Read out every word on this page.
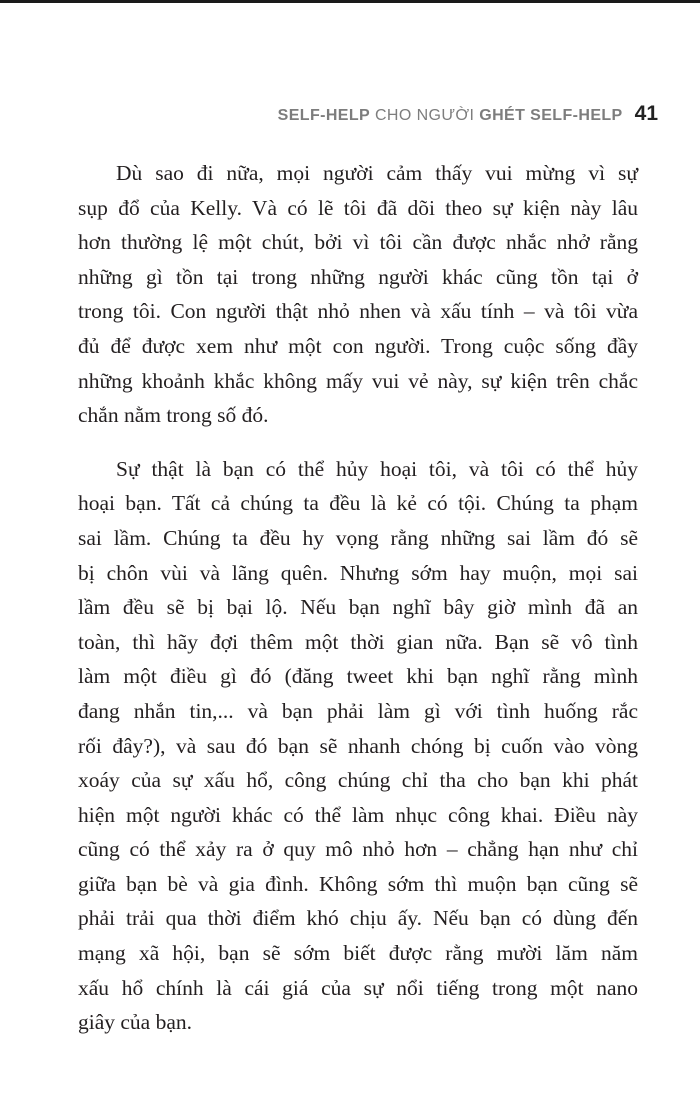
SELF-HELP CHO NGƯỜI GHÉT SELF-HELP 41
Dù sao đi nữa, mọi người cảm thấy vui mừng vì sự
sụp đổ của Kelly. Và có lẽ tôi đã dõi theo sự kiện này lâu
hơn thường lệ một chút, bởi vì tôi cần được nhắc nhở rằng
những gì tồn tại trong những người khác cũng tồn tại ở
trong tôi. Con người thật nhỏ nhen và xấu tính – và tôi vừa
đủ để được xem như một con người. Trong cuộc sống đầy
những khoảnh khắc không mấy vui vẻ này, sự kiện trên chắc
chắn nằm trong số đó.
Sự thật là bạn có thể hủy hoại tôi, và tôi có thể hủy
hoại bạn. Tất cả chúng ta đều là kẻ có tội. Chúng ta phạm
sai lầm. Chúng ta đều hy vọng rằng những sai lầm đó sẽ
bị chôn vùi và lãng quên. Nhưng sớm hay muộn, mọi sai
lầm đều sẽ bị bại lộ. Nếu bạn nghĩ bây giờ mình đã an
toàn, thì hãy đợi thêm một thời gian nữa. Bạn sẽ vô tình
làm một điều gì đó (đăng tweet khi bạn nghĩ rằng mình
đang nhắn tin,... và bạn phải làm gì với tình huống rắc
rối đây?), và sau đó bạn sẽ nhanh chóng bị cuốn vào vòng
xoáy của sự xấu hổ, công chúng chỉ tha cho bạn khi phát
hiện một người khác có thể làm nhục công khai. Điều này
cũng có thể xảy ra ở quy mô nhỏ hơn – chẳng hạn như chỉ
giữa bạn bè và gia đình. Không sớm thì muộn bạn cũng sẽ
phải trải qua thời điểm khó chịu ấy. Nếu bạn có dùng đến
mạng xã hội, bạn sẽ sớm biết được rằng mười lăm năm
xấu hổ chính là cái giá của sự nổi tiếng trong một nano
giây của bạn.
